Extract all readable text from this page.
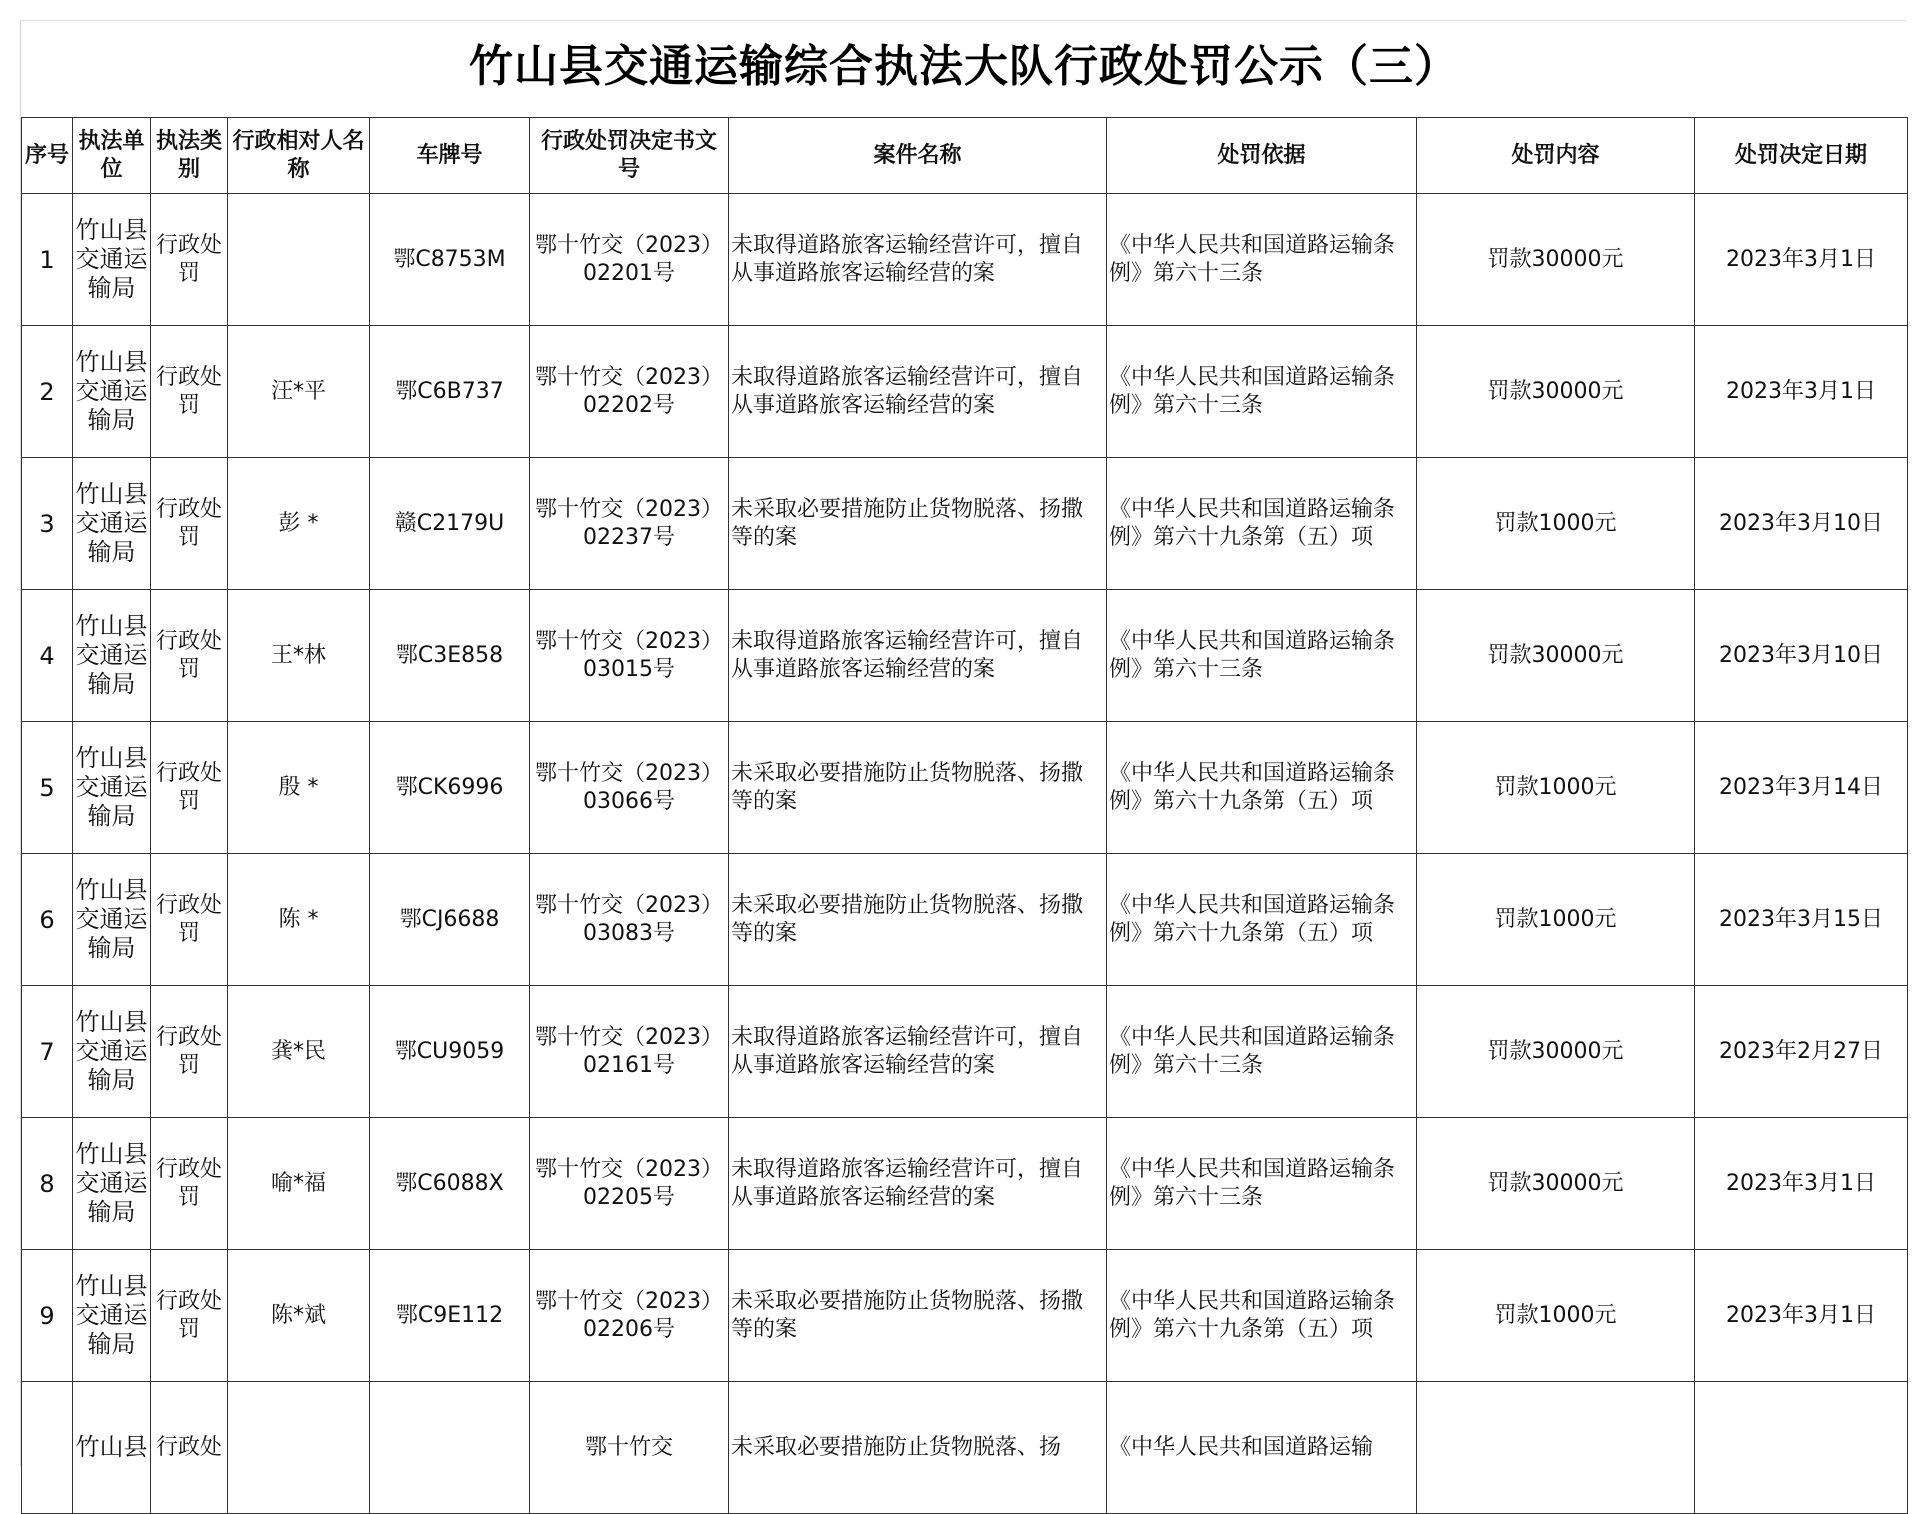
竹山县交通运输综合执法大队行政处罚公示（三）
序号	执法单位	执法类别	行政相对人名称	车牌号	行政处罚决定书文号	案件名称	处罚依据	处罚内容	处罚决定日期
1	竹山县交通运输局	行政处罚		鄂C8753M	鄂十竹交（2023）02201号	未取得道路旅客运输经营许可，擅自从事道路旅客运输经营的案	《中华人民共和国道路运输条例》第六十三条	罚款30000元	2023年3月1日
2	竹山县交通运输局	行政处罚	汪*平	鄂C6B737	鄂十竹交（2023）02202号	未取得道路旅客运输经营许可，擅自从事道路旅客运输经营的案	《中华人民共和国道路运输条例》第六十三条	罚款30000元	2023年3月1日
3	竹山县交通运输局	行政处罚	彭 *	赣C2179U	鄂十竹交（2023）02237号	未采取必要措施防止货物脱落、扬撒等的案	《中华人民共和国道路运输条例》第六十九条第（五）项	罚款1000元	2023年3月10日
4	竹山县交通运输局	行政处罚	王*林	鄂C3E858	鄂十竹交（2023）03015号	未取得道路旅客运输经营许可，擅自从事道路旅客运输经营的案	《中华人民共和国道路运输条例》第六十三条	罚款30000元	2023年3月10日
5	竹山县交通运输局	行政处罚	殷 *	鄂CK6996	鄂十竹交（2023）03066号	未采取必要措施防止货物脱落、扬撒等的案	《中华人民共和国道路运输条例》第六十九条第（五）项	罚款1000元	2023年3月14日
6	竹山县交通运输局	行政处罚	陈 *	鄂CJ6688	鄂十竹交（2023）03083号	未采取必要措施防止货物脱落、扬撒等的案	《中华人民共和国道路运输条例》第六十九条第（五）项	罚款1000元	2023年3月15日
7	竹山县交通运输局	行政处罚	龚*民	鄂CU9059	鄂十竹交（2023）02161号	未取得道路旅客运输经营许可，擅自从事道路旅客运输经营的案	《中华人民共和国道路运输条例》第六十三条	罚款30000元	2023年2月27日
8	竹山县交通运输局	行政处罚	喻*福	鄂C6088X	鄂十竹交（2023）02205号	未取得道路旅客运输经营许可，擅自从事道路旅客运输经营的案	《中华人民共和国道路运输条例》第六十三条	罚款30000元	2023年3月1日
9	竹山县交通运输局	行政处罚	陈*斌	鄂C9E112	鄂十竹交（2023）02206号	未采取必要措施防止货物脱落、扬撒等的案	《中华人民共和国道路运输条例》第六十九条第（五）项	罚款1000元	2023年3月1日
	竹山县	行政处			鄂十竹交	未采取必要措施防止货物脱落、扬	《中华人民共和国道路运输		
